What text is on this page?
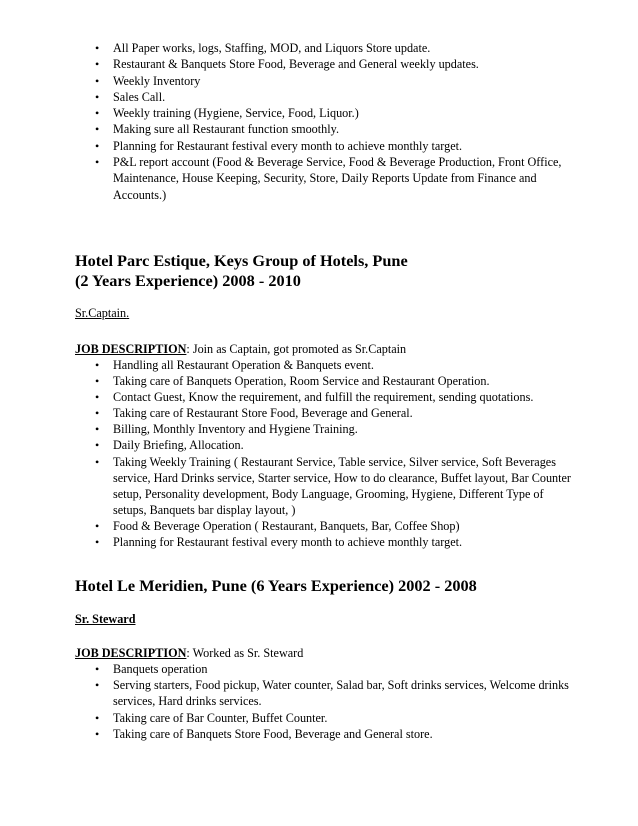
• All Paper works, logs, Staffing, MOD, and Liquors Store update.
• Restaurant & Banquets Store Food, Beverage and General weekly updates.
• Weekly Inventory
• Sales Call.
• Weekly training (Hygiene, Service, Food, Liquor.)
• Making sure all Restaurant function smoothly.
• Planning for Restaurant festival every month to achieve monthly target.
• P&L report account (Food & Beverage Service, Food & Beverage Production, Front Office, Maintenance, House Keeping, Security, Store, Daily Reports Update from Finance and Accounts.)
Hotel Parc Estique, Keys Group of Hotels, Pune
(2 Years Experience) 2008 - 2010
Sr.Captain.
JOB DESCRIPTION: Join as Captain, got promoted as Sr.Captain
• Handling all Restaurant Operation & Banquets event.
• Taking care of Banquets Operation, Room Service and Restaurant Operation.
• Contact Guest, Know the requirement, and fulfill the requirement, sending quotations.
• Taking care of Restaurant Store Food, Beverage and General.
• Billing, Monthly Inventory and Hygiene Training.
• Daily Briefing, Allocation.
• Taking Weekly Training ( Restaurant Service, Table service, Silver service, Soft Beverages service, Hard Drinks service, Starter service, How to do clearance, Buffet layout, Bar Counter setup, Personality development, Body Language, Grooming, Hygiene, Different Type of setups, Banquets bar display layout, )
• Food & Beverage Operation ( Restaurant, Banquets, Bar, Coffee Shop)
• Planning for Restaurant festival every month to achieve monthly target.
Hotel Le Meridien, Pune (6 Years Experience) 2002 - 2008
Sr. Steward
JOB DESCRIPTION: Worked as Sr. Steward
• Banquets operation
• Serving starters, Food pickup, Water counter, Salad bar, Soft drinks services, Welcome drinks services, Hard drinks services.
• Taking care of Bar Counter, Buffet Counter.
• Taking care of Banquets Store Food, Beverage and General store.
